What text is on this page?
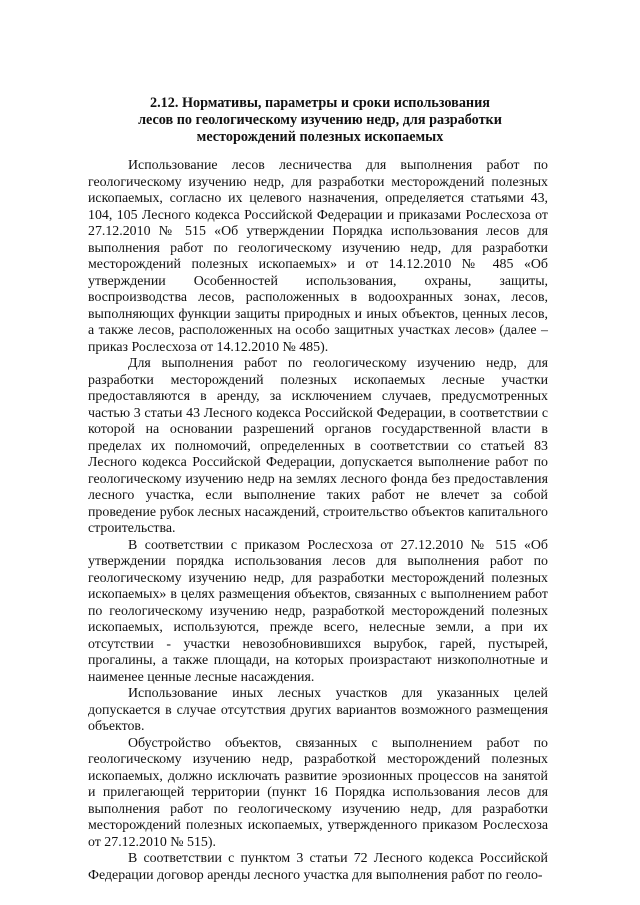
2.12. Нормативы, параметры и сроки использования
лесов по геологическому изучению недр, для разработки
месторождений полезных ископаемых

Использование лесов лесничества для выполнения работ по геологическому изучению недр, для разработки месторождений полезных ископаемых, согласно их целевого назначения, определяется статьями 43, 104, 105 Лесного кодекса Российской Федерации и приказами Рослесхоза от 27.12.2010 № 515 «Об утверждении Порядка использования лесов для выполнения работ по геологическому изучению недр, для разработки месторождений полезных ископаемых» и от 14.12.2010 № 485 «Об утверждении Особенностей использования, охраны, защиты, воспроизводства лесов, расположенных в водоохранных зонах, лесов, выполняющих функции защиты природных и иных объектов, ценных лесов, а также лесов, расположенных на особо защитных участках лесов» (далее – приказ Рослесхоза от 14.12.2010 № 485).

Для выполнения работ по геологическому изучению недр, для разработки месторождений полезных ископаемых лесные участки предоставляются в аренду, за исключением случаев, предусмотренных частью 3 статьи 43 Лесного кодекса Российской Федерации, в соответствии с которой на основании разрешений органов государственной власти в пределах их полномочий, определенных в соответствии со статьей 83 Лесного кодекса Российской Федерации, допускается выполнение работ по геологическому изучению недр на землях лесного фонда без предоставления лесного участка, если выполнение таких работ не влечет за собой проведение рубок лесных насаждений, строительство объектов капитального строительства.

В соответствии с приказом Рослесхоза от 27.12.2010 № 515 «Об утверждении порядка использования лесов для выполнения работ по геологическому изучению недр, для разработки месторождений полезных ископаемых» в целях размещения объектов, связанных с выполнением работ по геологическому изучению недр, разработкой месторождений полезных ископаемых, используются, прежде всего, нелесные земли, а при их отсутствии - участки невозобновившихся вырубок, гарей, пустырей, прогалины, а также площади, на которых произрастают низкополнотные и наименее ценные лесные насаждения.

Использование иных лесных участков для указанных целей допускается в случае отсутствия других вариантов возможного размещения объектов.

Обустройство объектов, связанных с выполнением работ по геологическому изучению недр, разработкой месторождений полезных ископаемых, должно исключать развитие эрозионных процессов на занятой и прилегающей территории (пункт 16 Порядка использования лесов для выполнения работ по геологическому изучению недр, для разработки месторождений полезных ископаемых, утвержденного приказом Рослесхоза от 27.12.2010 № 515).

В соответствии с пунктом 3 статьи 72 Лесного кодекса Российской Федерации договор аренды лесного участка для выполнения работ по геоло-
